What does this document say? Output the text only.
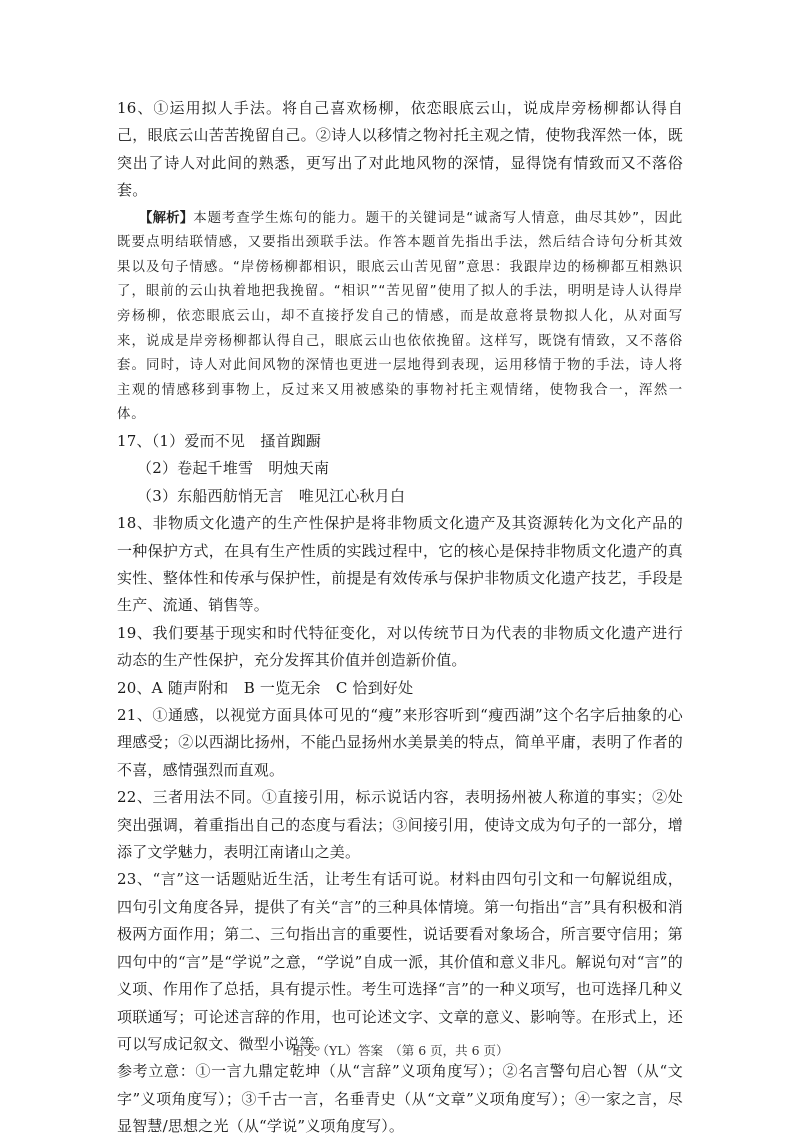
16、①运用拟人手法。将自己喜欢杨柳，依恋眼底云山，说成岸旁杨柳都认得自己，眼底云山苦苦挽留自己。②诗人以移情之物衬托主观之情，使物我浑然一体，既突出了诗人对此间的熟悉，更写出了对此地风物的深情，显得饶有情致而又不落俗套。

【解析】本题考查学生炼句的能力。题干的关键词是“诚斋写人情意，曲尽其妙”，因此既要点明结联情感，又要指出颈联手法。作答本题首先指出手法，然后结合诗句分析其效果以及句子情感。“岸傍杨柳都相识，眼底云山苦见留”意思：我跟岸边的杨柳都互相熟识了，眼前的云山执着地把我挽留。“相识”“苦见留”使用了拟人的手法，明明是诗人认得岸旁杨柳，依恋眼底云山，却不直接抒发自己的情感，而是故意将景物拟人化，从对面写来，说成是岸旁杨柳都认得自己，眼底云山也依依挽留。这样写，既饶有情致，又不落俗套。同时，诗人对此间风物的深情也更进一层地得到表现，运用移情于物的手法，诗人将主观的情感移到事物上，反过来又用被感染的事物衬托主观情绪，使物我合一，浑然一体。

17、（1）爱而不见　搔首踟蹰
（2）卷起千堆雪　明烛天南
（3）东船西舫悄无言　唯见江心秋月白

18、非物质文化遗产的生产性保护是将非物质文化遗产及其资源转化为文化产品的一种保护方式，在具有生产性质的实践过程中，它的核心是保持非物质文化遗产的真实性、整体性和传承与保护性，前提是有效传承与保护非物质文化遗产技艺，手段是生产、流通、销售等。

19、我们要基于现实和时代特征变化，对以传统节日为代表的非物质文化遗产进行动态的生产性保护，充分发挥其价值并创造新价值。

20、A 随声附和　B 一览无余　C 恰到好处

21、①通感，以视觉方面具体可见的“瘦”来形容听到“瘦西湖”这个名字后抽象的心理感受；②以西湖比扬州，不能凸显扬州水美景美的特点，简单平庸，表明了作者的不喜，感情强烈而直观。

22、三者用法不同。①直接引用，标示说话内容，表明扬州被人称道的事实；②处突出强调，着重指出自己的态度与看法；③间接引用，使诗文成为句子的一部分，增添了文学魅力，表明江南诸山之美。

23、“言”这一话题贴近生活，让考生有话可说。材料由四句引文和一句解说组成，四句引文角度各异，提供了有关“言”的三种具体情境。第一句指出“言”具有积极和消极两方面作用；第二、三句指出言的重要性，说话要看对象场合，所言要守信用；第四句中的“言”是“学说”之意，“学说”自成一派，其价值和意义非凡。解说句对“言”的义项、作用作了总括，具有提示性。考生可选择“言”的一种义项写，也可选择几种义项联通写；可论述言辞的作用，也可论述文字、文章的意义、影响等。在形式上，还可以写成记叙文、微型小说等。

参考立意：①一言九鼎定乾坤（从“言辞”义项角度写）；②名言警句启心智（从“文字”义项角度写）；③千古一言，名垂青史（从“文章”义项角度写）；④一家之言，尽显智慧/思想之光（从“学说”义项角度写）。

语文（YL）答案　（第 6 页，共 6 页）
